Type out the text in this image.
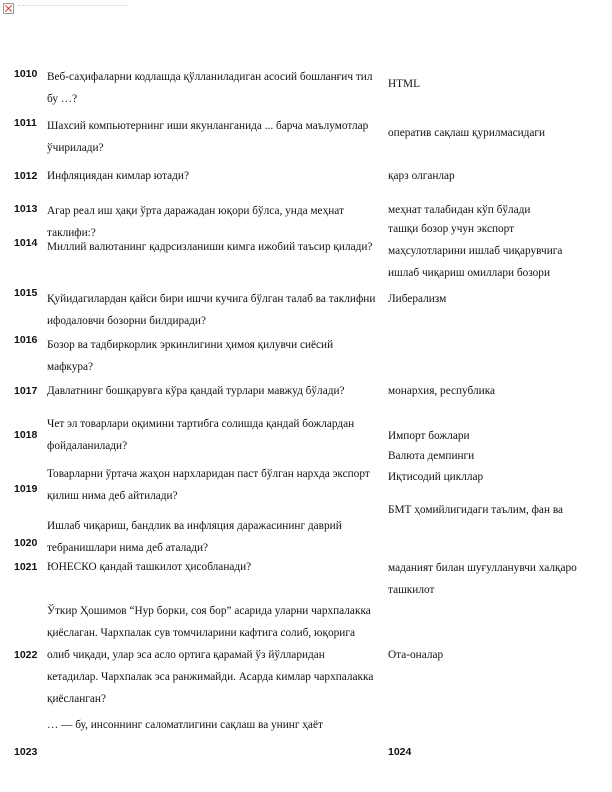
1010
1011
1012
1013
1014
1015
1016
1017
1018
1019
1020
1021
1022
1023
Веб-саҳифаларни кодлашда қўлланиладиган асосий бошланғич тил бу …?
Шахсий компьютернинг иши якунланганида ... барча маълумотлар ўчирилади?
Инфляциядан кимлар ютади?
Агар реал иш ҳақи ўрта даражадан юқори бўлса, унда меҳнат таклифи:?
Миллий валютанинг қадрсизланиши кимга ижобий таъсир қилади?
Қуйидагилардан қайси бири ишчи кучига бўлган талаб ва таклифни ифодаловчи бозорни билдиради?
Бозор ва тадбиркорлик эркинлигини ҳимоя қилувчи сиёсий мафкура?
Давлатнинг бошқарувга кўра қандай турлари мавжуд бўлади?
Чет эл товарлари оқимини тартибга солишда қандай божлардан фойдаланилади?
Товарларни ўртача жаҳон нархларидан паст бўлган нархда экспорт қилиш нима деб айтилади?
Ишлаб чиқариш, бандлик ва инфляция даражасининг даврий тебранишлари нима деб аталади?
ЮНЕСКО қандай ташкилот ҳисобланади?
Ўткир Ҳошимов “Нур борки, соя бор” асарида уларни чархпалакка қиёслаган. Чархпалак сув томчиларини кафтига солиб, юқорига олиб чиқади, улар эса асло ортига қарамай ўз йўлларидан кетадилар. Чархпалак эса ранжимайди. Асарда кимлар чархпалакка қиёсланган?
… — бу, инсоннинг саломатлигини сақлаш ва унинг ҳаёт
HTML
оператив сақлаш қурилмасидаги
қарз олганлар
меҳнат талабидан кўп бўлади
ташқи бозор учун экспорт
маҳсулотларини ишлаб чиқарувчига
ишлаб чиқариш омиллари бозори
Либерализм
монархия, республика
Импорт божлари
Валюта демпинги
Иқтисодий цикллар
БМТ ҳомийлигидаги таълим, фан ва
маданият билан шуғулланувчи халқаро
ташкилот
Ота-оналар
1024
